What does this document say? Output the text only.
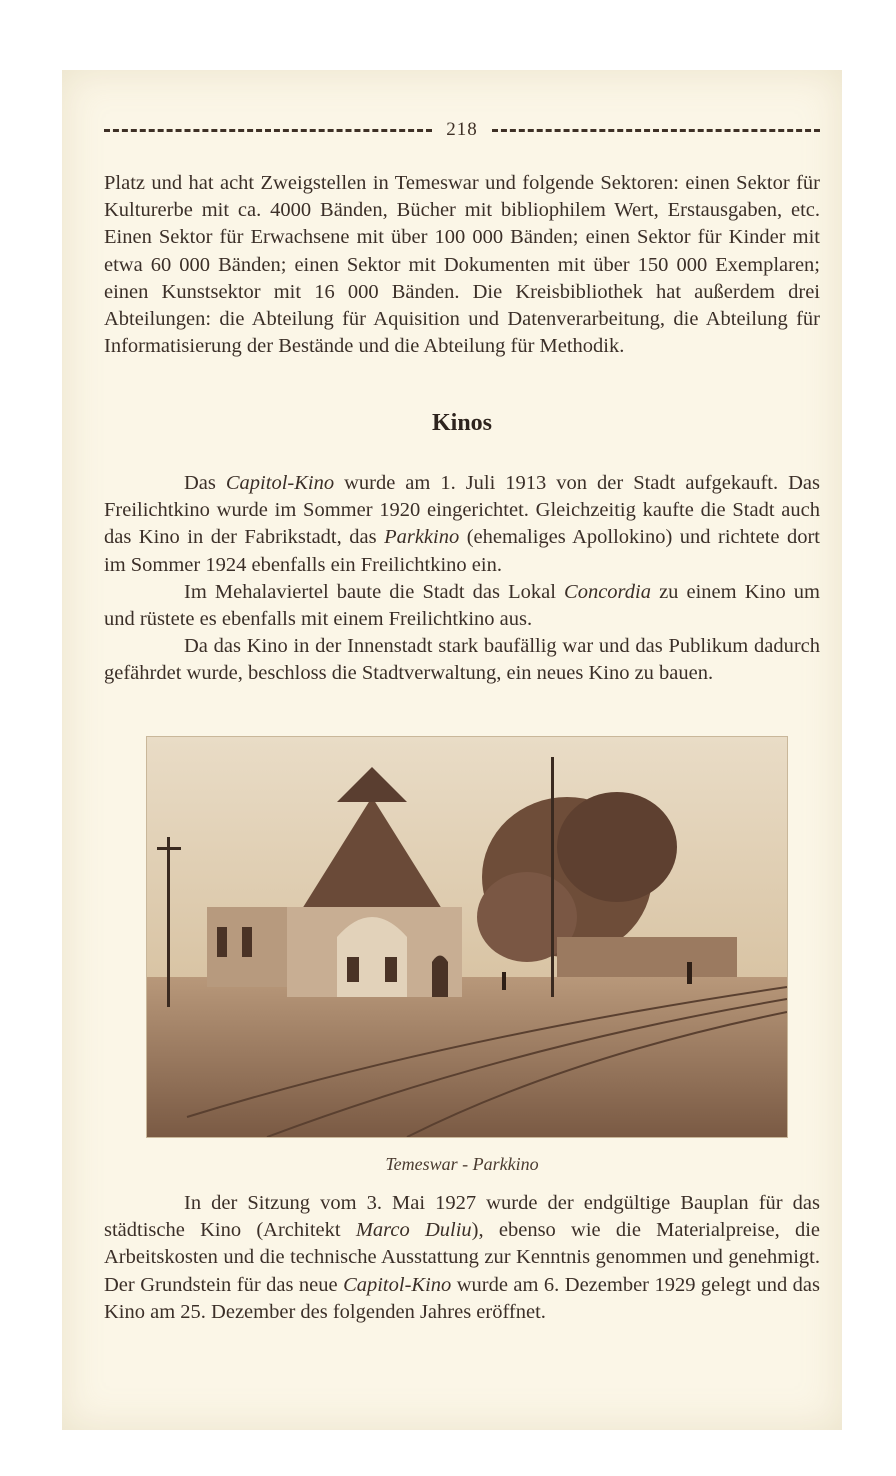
218

Platz und hat acht Zweigstellen in Temeswar und folgende Sektoren: einen Sektor für Kulturerbe mit ca. 4000 Bänden, Bücher mit bibliophilem Wert, Erstausgaben, etc. Einen Sektor für Erwachsene mit über 100 000 Bänden; einen Sektor für Kinder mit etwa 60 000 Bänden; einen Sektor mit Dokumenten mit über 150 000 Exemplaren; einen Kunstsektor mit 16 000 Bänden. Die Kreisbibliothek hat außerdem drei Abteilungen: die Abteilung für Aquisition und Datenverarbeitung, die Abteilung für Informatisierung der Bestände und die Abteilung für Methodik.

Kinos

Das Capitol-Kino wurde am 1. Juli 1913 von der Stadt aufgekauft. Das Freilichtkino wurde im Sommer 1920 eingerichtet. Gleichzeitig kaufte die Stadt auch das Kino in der Fabrikstadt, das Parkkino (ehemaliges Apollokino) und richtete dort im Sommer 1924 ebenfalls ein Freilichtkino ein.

Im Mehalaviertel baute die Stadt das Lokal Concordia zu einem Kino um und rüstete es ebenfalls mit einem Freilichtkino aus.

Da das Kino in der Innenstadt stark baufällig war und das Publikum dadurch gefährdet wurde, beschloss die Stadtverwaltung, ein neues Kino zu bauen.

Temeswar - Parkkino

In der Sitzung vom 3. Mai 1927 wurde der endgültige Bauplan für das städtische Kino (Architekt Marco Duliu), ebenso wie die Materialpreise, die Arbeitskosten und die technische Ausstattung zur Kenntnis genommen und genehmigt. Der Grundstein für das neue Capitol-Kino wurde am 6. Dezember 1929 gelegt und das Kino am 25. Dezember des folgenden Jahres eröffnet.
